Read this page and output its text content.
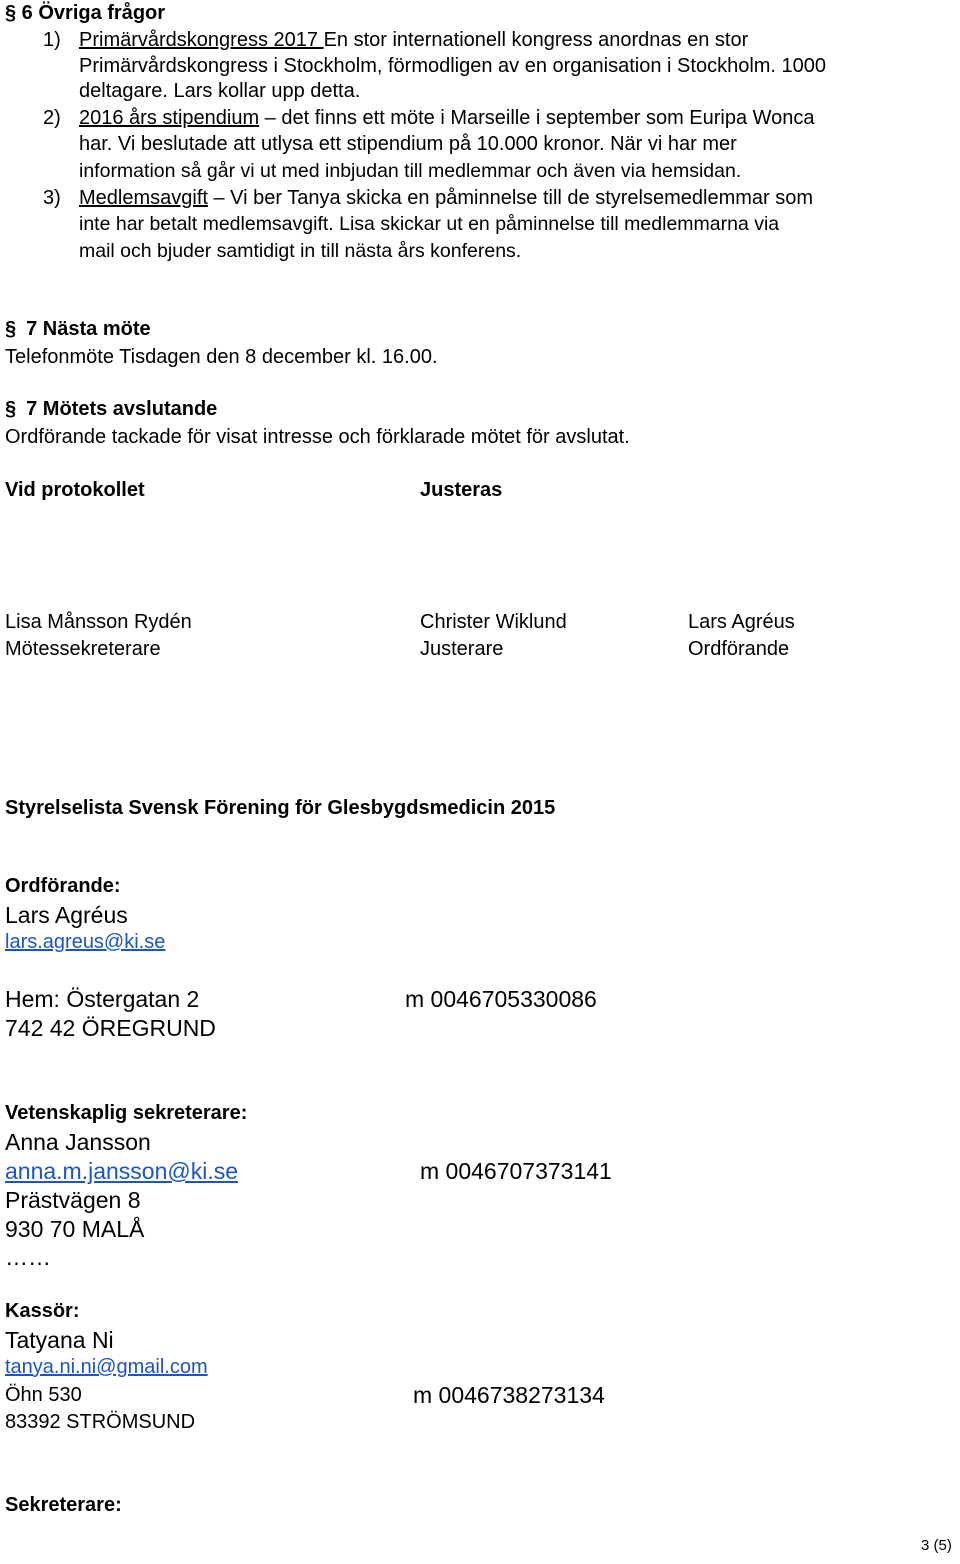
§ 6 Övriga frågor
1) Primärvårdskongress 2017 En stor internationell kongress anordnas en stor
Primärvårdskongress i Stockholm, förmodligen av en organisation i Stockholm. 1000
deltagare. Lars kollar upp detta.
2) 2016 års stipendium – det finns ett möte i Marseille i september som Euripa Wonca
har. Vi beslutade att utlysa ett stipendium på 10.000 kronor. När vi har mer
information så går vi ut med inbjudan till medlemmar och även via hemsidan.
3) Medlemsavgift – Vi ber Tanya skicka en påminnelse till de styrelsemedlemmar som
inte har betalt medlemsavgift. Lisa skickar ut en påminnelse till medlemmarna via
mail och bjuder samtidigt in till nästa års konferens.
§ 7 Nästa möte
Telefonmöte Tisdagen den 8 december kl. 16.00.
§ 7 Mötets avslutande
Ordförande tackade för visat intresse och förklarade mötet för avslutat.
Vid protokollet	Justeras
Lisa Månsson Rydén
Mötessekreterare
Christer Wiklund
Justerare
Lars Agréus
Ordförande
Styrelselista Svensk Förening för Glesbygdsmedicin 2015
Ordförande:
Lars Agréus
lars.agreus@ki.se
Hem: Östergatan 2	m 0046705330086
742 42 ÖREGRUND
Vetenskaplig sekreterare:
Anna Jansson
anna.m.jansson@ki.se	m 0046707373141
Prästvägen 8
930 70 MALÅ
……
Kassör:
Tatyana Ni
tanya.ni.ni@gmail.com
Öhn 530	m 0046738273134
83392 STRÖMSUND
Sekreterare:
3 (5)
